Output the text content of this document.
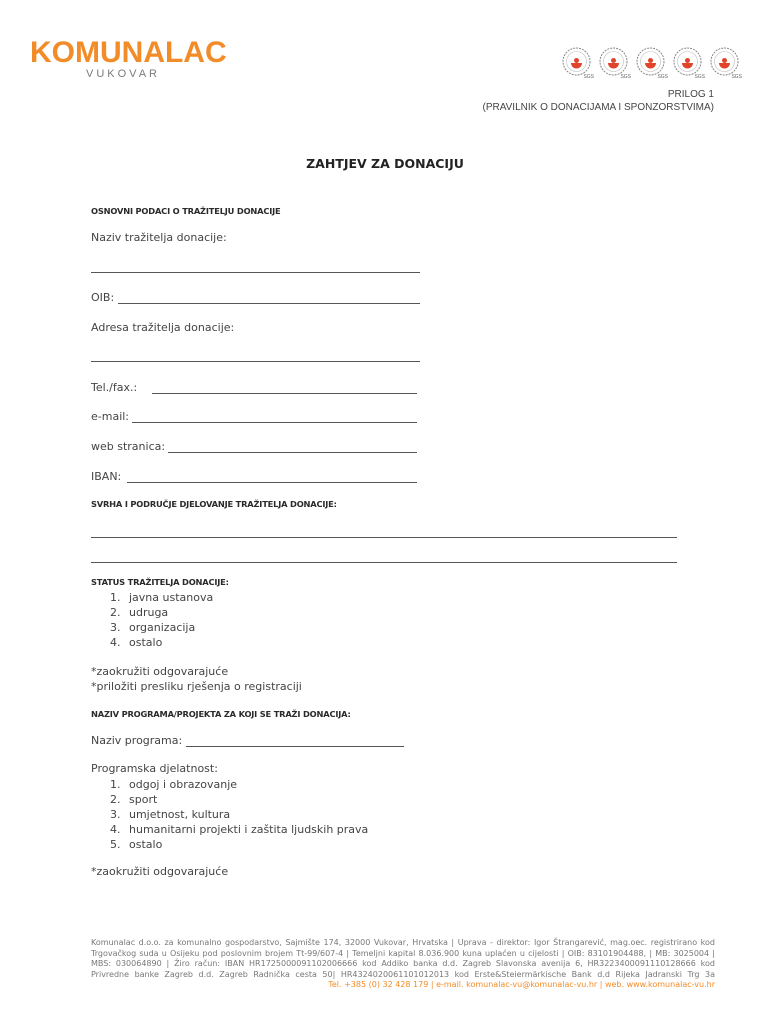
KOMUNALAC
VUKOVAR	SGS	SGS	SGS	SGS	SGS
PRILOG 1
(PRAVILNIK O DONACIJAMA I SPONZORSTVIMA)
ZAHTJEV ZA DONACIJU
OSNOVNI PODACI O TRAŽITELJU DONACIJE
Naziv tražitelja donacije:
OIB:
Adresa tražitelja donacije:
Tel./fax.:
e-mail:
web stranica:
IBAN:
SVRHA I PODRUČJE DJELOVANJE TRAŽITELJA DONACIJE:
STATUS TRAŽITELJA DONACIJE:
1. javna ustanova
2. udruga
3. organizacija
4. ostalo
*zaokružiti odgovarajuće
*priložiti presliku rješenja o registraciji
NAZIV PROGRAMA/PROJEKTA ZA KOJI SE TRAŽI DONACIJA:
Naziv programa:
Programska djelatnost:
1. odgoj i obrazovanje
2. sport
3. umjetnost, kultura
4. humanitarni projekti i zaštita ljudskih prava
5. ostalo
*zaokružiti odgovarajuće
Komunalac d.o.o. za komunalno gospodarstvo, Sajmište 174, 32000 Vukovar, Hrvatska | Uprava - direktor: Igor Štrangarević, mag.oec. registrirano kod Trgovačkog suda u Osijeku pod poslovnim brojem Tt-99/607-4 | Temeljni kapital 8.036.900 kuna uplaćen u cijelosti | OIB: 83101904488, | MB: 3025004 | MBS: 030064890 | Žiro račun: IBAN HR1725000091102006666 kod Addiko banka d.d. Zagreb Slavonska avenija 6, HR3223400091110128666 kod Privredne banke Zagreb d.d. Zagreb Radnička cesta 50| HR4324020061101012013 kod Erste&Steiermärkische Bank d.d Rijeka Jadranski Trg 3a Tel. +385 (0) 32 428 179 | e-mail. komunalac-vu@komunalac-vu.hr | web. www.komunalac-vu.hr
